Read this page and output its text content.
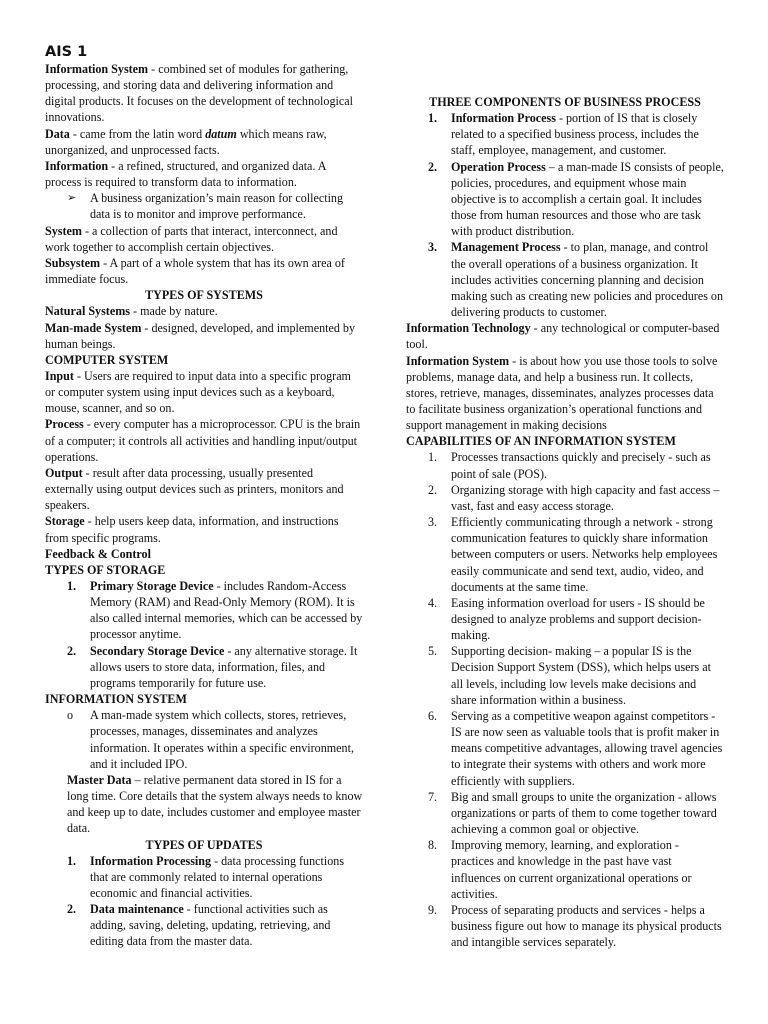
AIS 1

Information System - combined set of modules for gathering, processing, and storing data and delivering information and digital products. It focuses on the development of technological innovations.

Data - came from the latin word datum which means raw, unorganized, and unprocessed facts.

Information - a refined, structured, and organized data. A process is required to transform data to information.

➢	A business organization’s main reason for collecting data is to monitor and improve performance.

System - a collection of parts that interact, interconnect, and work together to accomplish certain objectives.

Subsystem - A part of a whole system that has its own area of immediate focus.

TYPES OF SYSTEMS

Natural Systems - made by nature.

Man-made System - designed, developed, and implemented by human beings.

COMPUTER SYSTEM

Input - Users are required to input data into a specific program or computer system using input devices such as a keyboard, mouse, scanner, and so on.

Process - every computer has a microprocessor. CPU is the brain of a computer; it controls all activities and handling input/output operations.

Output - result after data processing, usually presented externally using output devices such as printers, monitors and speakers.

Storage - help users keep data, information, and instructions from specific programs.

Feedback & Control

TYPES OF STORAGE

1.	Primary Storage Device - includes Random-Access Memory (RAM) and Read-Only Memory (ROM). It is also called internal memories, which can be accessed by processor anytime.
2.	Secondary Storage Device - any alternative storage. It allows users to store data, information, files, and programs temporarily for future use.

INFORMATION SYSTEM

o	A man-made system which collects, stores, retrieves, processes, manages, disseminates and analyzes information. It operates within a specific environment, and it included IPO.

Master Data – relative permanent data stored in IS for a long time. Core details that the system always needs to know and keep up to date, includes customer and employee master data.

TYPES OF UPDATES

1.	Information Processing - data processing functions that are commonly related to internal operations economic and financial activities.
2.	Data maintenance - functional activities such as adding, saving, deleting, updating, retrieving, and editing data from the master data.

THREE COMPONENTS OF BUSINESS PROCESS

1.	Information Process - portion of IS that is closely related to a specified business process, includes the staff, employee, management, and customer.
2.	Operation Process – a man-made IS consists of people, policies, procedures, and equipment whose main objective is to accomplish a certain goal. It includes those from human resources and those who are task with product distribution.
3.	Management Process - to plan, manage, and control the overall operations of a business organization. It includes activities concerning planning and decision making such as creating new policies and procedures on delivering products to customer.

Information Technology - any technological or computer-based tool.

Information System - is about how you use those tools to solve problems, manage data, and help a business run. It collects, stores, retrieve, manages, disseminates, analyzes processes data to facilitate business organization’s operational functions and support management in making decisions

CAPABILITIES OF AN INFORMATION SYSTEM

1.	Processes transactions quickly and precisely - such as point of sale (POS).
2.	Organizing storage with high capacity and fast access – vast, fast and easy access storage.
3.	Efficiently communicating through a network - strong communication features to quickly share information between computers or users. Networks help employees easily communicate and send text, audio, video, and documents at the same time.
4.	Easing information overload for users - IS should be designed to analyze problems and support decision-making.
5.	Supporting decision- making – a popular IS is the Decision Support System (DSS), which helps users at all levels, including low levels make decisions and share information within a business.
6.	Serving as a competitive weapon against competitors - IS are now seen as valuable tools that is profit maker in means competitive advantages, allowing travel agencies to integrate their systems with others and work more efficiently with suppliers.
7.	Big and small groups to unite the organization - allows organizations or parts of them to come together toward achieving a common goal or objective.
8.	Improving memory, learning, and exploration - practices and knowledge in the past have vast influences on current organizational operations or activities.
9.	Process of separating products and services - helps a business figure out how to manage its physical products and intangible services separately.
